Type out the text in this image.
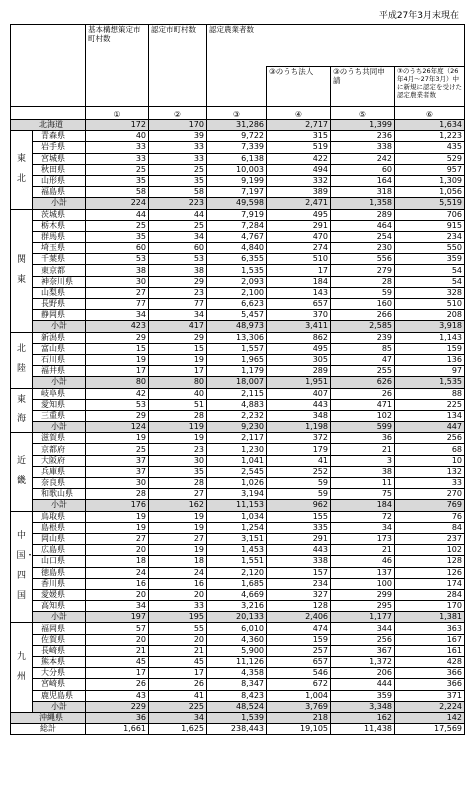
平成27年3月末現在
		基本構想策定市町村数	認定市町村数	認定農業者数			
					③のうち法人	③のうち共同申請	③のうち26年度（26年4月～27年3月）中に新規に認定を受けた認定農業者数
		①	②	③	④	⑤	⑥
北海道		172	170	31,286	2,717	1,399	1,634
東北	青森県	40	39	9,722	315	236	1,223
	岩手県	33	33	7,339	519	338	435
	宮城県	33	33	6,138	422	242	529
	秋田県	25	25	10,003	494	60	957
	山形県	35	35	9,199	332	164	1,309
	福島県	58	58	7,197	389	318	1,056
	小計	224	223	49,598	2,471	1,358	5,519
関東	茨城県	44	44	7,919	495	289	706
	栃木県	25	25	7,284	291	464	915
	群馬県	35	34	4,767	470	254	234
	埼玉県	60	60	4,840	274	230	550
	千葉県	53	53	6,355	510	556	359
	東京都	38	38	1,535	17	279	54
	神奈川県	30	29	2,093	184	28	54
	山梨県	27	23	2,100	143	59	328
	長野県	77	77	6,623	657	160	510
	静岡県	34	34	5,457	370	266	208
	小計	423	417	48,973	3,411	2,585	3,918
北陸	新潟県	29	29	13,306	862	239	1,143
	富山県	15	15	1,557	495	85	159
	石川県	19	19	1,965	305	47	136
	福井県	17	17	1,179	289	255	97
	小計	80	80	18,007	1,951	626	1,535
東海	岐阜県	42	40	2,115	407	26	88
	愛知県	53	51	4,883	443	471	225
	三重県	29	28	2,232	348	102	134
	小計	124	119	9,230	1,198	599	447
近畿	滋賀県	19	19	2,117	372	36	256
	京都府	25	23	1,230	179	21	68
	大阪府	37	30	1,041	41	3	10
	兵庫県	37	35	2,545	252	38	132
	奈良県	30	28	1,026	59	11	33
	和歌山県	28	27	3,194	59	75	270
	小計	176	162	11,153	962	184	769
中国・四国	鳥取県	19	19	1,034	155	72	76
	島根県	19	19	1,254	335	34	84
	岡山県	27	27	3,151	291	173	237
	広島県	20	19	1,453	443	21	102
	山口県	18	18	1,551	338	46	128
	徳島県	24	24	2,120	157	137	126
	香川県	16	16	1,685	234	100	174
	愛媛県	20	20	4,669	327	299	284
	高知県	34	33	3,216	128	295	170
	小計	197	195	20,133	2,406	1,177	1,381
九州	福岡県	57	55	6,010	474	344	363
	佐賀県	20	20	4,360	159	256	167
	長崎県	21	21	5,900	257	367	161
	熊本県	45	45	11,126	657	1,372	428
	大分県	17	17	4,358	546	206	366
	宮崎県	26	26	8,347	672	444	366
	鹿児島県	43	41	8,423	1,004	359	371
	小計	229	225	48,524	3,769	3,348	2,224
沖縄県		36	34	1,539	218	162	142
総計		1,661	1,625	238,443	19,105	11,438	17,569
